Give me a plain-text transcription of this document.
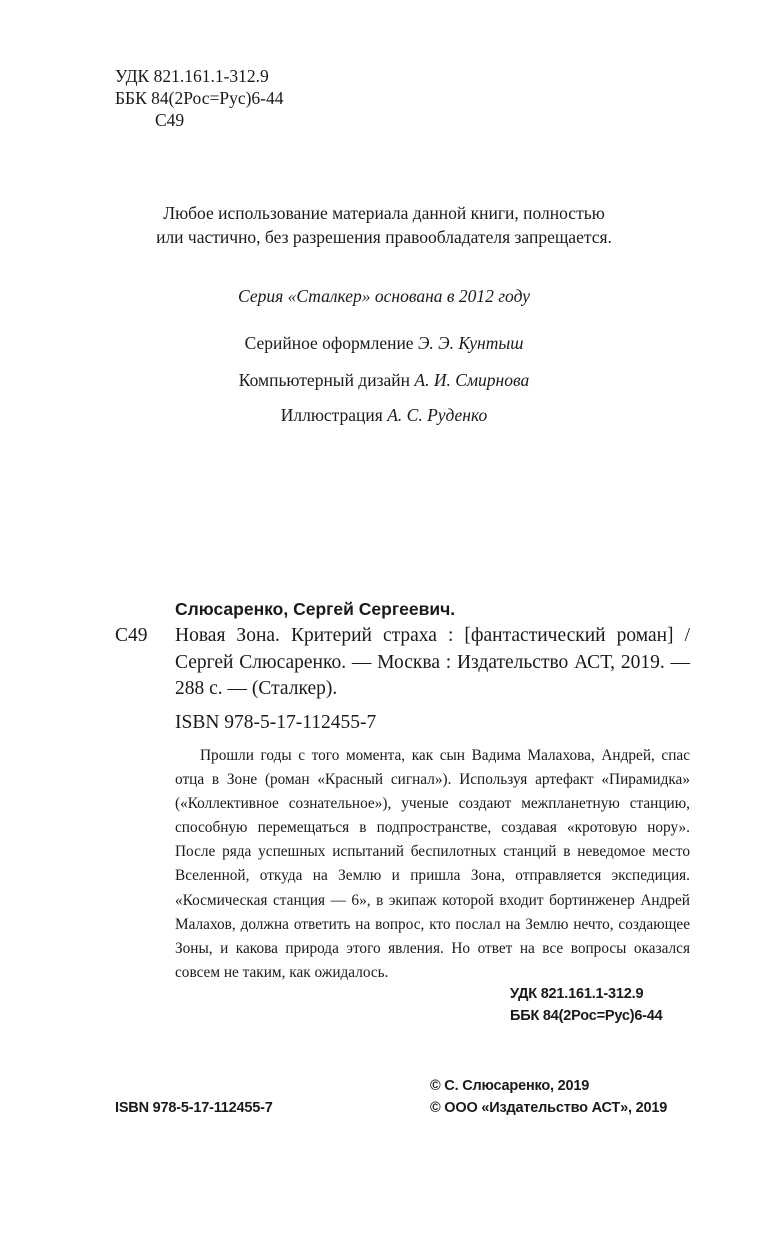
УДК 821.161.1-312.9
ББК 84(2Рос=Рус)6-44
С49
Любое использование материала данной книги, полностью
или частично, без разрешения правообладателя запрещается.
Серия «Сталкер» основана в 2012 году
Серийное оформление Э. Э. Кунтыш
Компьютерный дизайн А. И. Смирнова
Иллюстрация А. С. Руденко
Слюсаренко, Сергей Сергеевич.
С49 Новая Зона. Критерий страха : [фантастический роман] / Сергей Слюсаренко. — Москва : Издательство АСТ, 2019. — 288 с. — (Сталкер).
ISBN 978-5-17-112455-7
Прошли годы с того момента, как сын Вадима Малахова, Андрей, спас отца в Зоне (роман «Красный сигнал»). Используя артефакт «Пирамидка» («Коллективное сознательное»), ученые создают межпланетную станцию, способную перемещаться в подпространстве, создавая «кротовую нору». После ряда успешных испытаний беспилотных станций в неведомое место Вселенной, откуда на Землю и пришла Зона, отправляется экспедиция. «Космическая станция — 6», в экипаж которой входит бортинженер Андрей Малахов, должна ответить на вопрос, кто послал на Землю нечто, создающее Зоны, и какова природа этого явления. Но ответ на все вопросы оказался совсем не таким, как ожидалось.
УДК 821.161.1-312.9
ББК 84(2Рос=Рус)6-44
ISBN 978-5-17-112455-7
© С. Слюсаренко, 2019
© ООО «Издательство АСТ», 2019
